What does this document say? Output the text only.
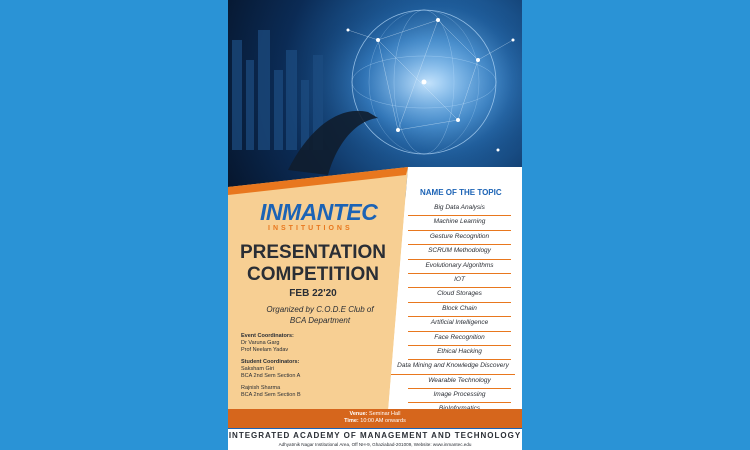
INMANTEC
INSTITUTIONS
PRESENTATION
COMPETITION
FEB 22'20
Organized by C.O.D.E Club of
BCA Department
Event Coordinators:
Dr Varuna Garg
Prof Neelam Yadav
Student Coordinators:
Saksham Giri
BCA 2nd Sem Section A
Rajnish Sharma
BCA 2nd Sem Section B
NAME OF THE TOPIC
Big Data Analysis
Machine Learning
Gesture Recognition
SCRUM Methodology
Evolutionary Algorithms
IOT
Cloud Storages
Block Chain
Artificial Intelligence
Face Recognition
Ethical Hacking
Data Mining and Knowledge Discovery
Wearable Technology
Image Processing
Venue: Seminar Hall
Time: 10:00 AM onwards
INTEGRATED ACADEMY OF MANAGEMENT AND TECHNOLOGY
Adhyatmik Nagar Institutional Area, Off NH-9, Ghaziabad-201009, Website: www.inmantec.edu
